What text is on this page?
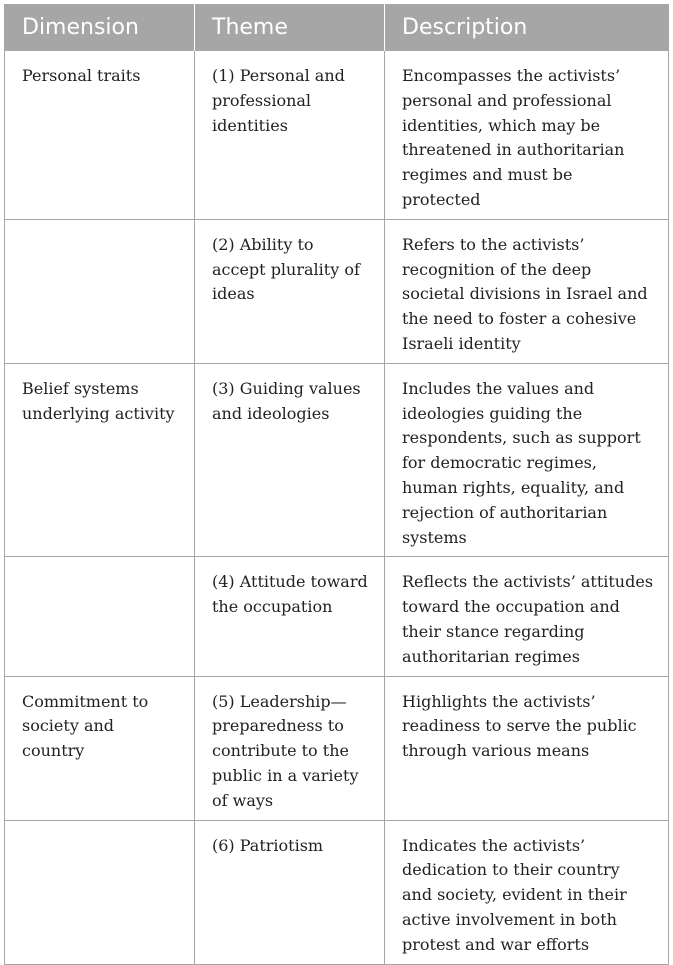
Dimension	Theme	Description
Personal traits	(1) Personal and professional identities	Encompasses the activists’ personal and professional identities, which may be threatened in authoritarian regimes and must be protected
	(2) Ability to accept plurality of ideas	Refers to the activists’ recognition of the deep societal divisions in Israel and the need to foster a cohesive Israeli identity
Belief systems underlying activity	(3) Guiding values and ideologies	Includes the values and ideologies guiding the respondents, such as support for democratic regimes, human rights, equality, and rejection of authoritarian systems
	(4) Attitude toward the occupation	Reflects the activists’ attitudes toward the occupation and their stance regarding authoritarian regimes
Commitment to society and country	(5) Leadership—preparedness to contribute to the public in a variety of ways	Highlights the activists’ readiness to serve the public through various means
	(6) Patriotism	Indicates the activists’ dedication to their country and society, evident in their active involvement in both protest and war efforts
